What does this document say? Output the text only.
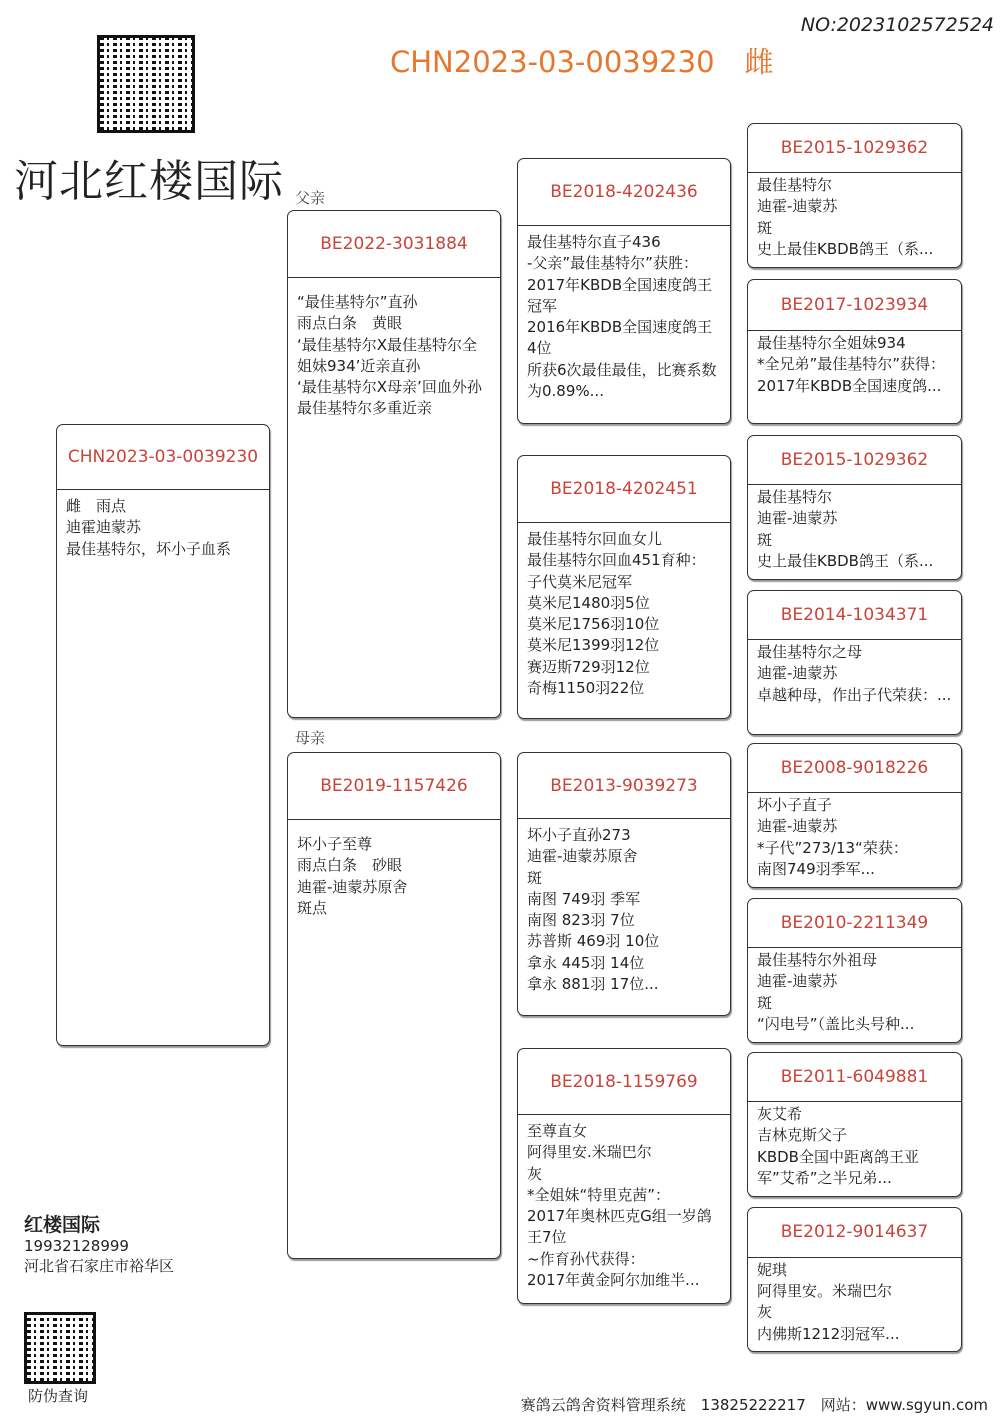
NO:2023102572524
CHN2023-03-0039230 雌
河北红楼国际 父亲
母亲
CHN2023-03-0039230
雌　雨点
迪霍迪蒙苏
最佳基特尔，坏小子血系
BE2022-3031884
“最佳基特尔”直孙
雨点白条　黄眼
‘最佳基特尔X最佳基特尔全姐妹934’近亲直孙
‘最佳基特尔X母亲’回血外孙
最佳基特尔多重近亲
BE2019-1157426
坏小子至尊
雨点白条　砂眼
迪霍-迪蒙苏原舍
斑点
BE2018-4202436
最佳基特尔直子436
-父亲”最佳基特尔”获胜：
2017年KBDB全国速度鸽王冠军
2016年KBDB全国速度鸽王4位
所获6次最佳最佳，比赛系数为0.89%...
BE2018-4202451
最佳基特尔回血女儿
最佳基特尔回血451育种：
子代莫米尼冠军
莫米尼1480羽5位
莫米尼1756羽10位
莫米尼1399羽12位
赛迈斯729羽12位
奇梅1150羽22位
BE2013-9039273
坏小子直孙273
迪霍-迪蒙苏原舍
斑
南图 749羽 季军
南图 823羽 7位
苏普斯 469羽 10位
拿永 445羽 14位
拿永 881羽 17位...
BE2018-1159769
至尊直女
阿得里安.米瑞巴尔
灰
*全姐妹“特里克茜”：
2017年奥林匹克G组一岁鸽王7位
~作育孙代获得：
2017年黄金阿尔加维半...
BE2015-1029362
最佳基特尔
迪霍-迪蒙苏
斑
史上最佳KBDB鸽王（系...
BE2017-1023934
最佳基特尔全姐妹934
*全兄弟”最佳基特尔”获得：
2017年KBDB全国速度鸽...
BE2015-1029362
最佳基特尔
迪霍-迪蒙苏
斑
史上最佳KBDB鸽王（系...
BE2014-1034371
最佳基特尔之母
迪霍-迪蒙苏
卓越种母，作出子代荣获：...
BE2008-9018226
坏小子直子
迪霍-迪蒙苏
*子代”273/13“荣获：
南图749羽季军...
BE2010-2211349
最佳基特尔外祖母
迪霍-迪蒙苏
斑
“闪电号”（盖比头号种...
BE2011-6049881
灰艾希
吉林克斯父子
KBDB全国中距离鸽王亚军”艾希”之半兄弟...
BE2012-9014637
妮琪
阿得里安。米瑞巴尔
灰
内佛斯1212羽冠军...
红楼国际
19932128999
河北省石家庄市裕华区
防伪查询	赛鸽云鸽舍资料管理系统　13825222217　网站：www.sgyun.com
